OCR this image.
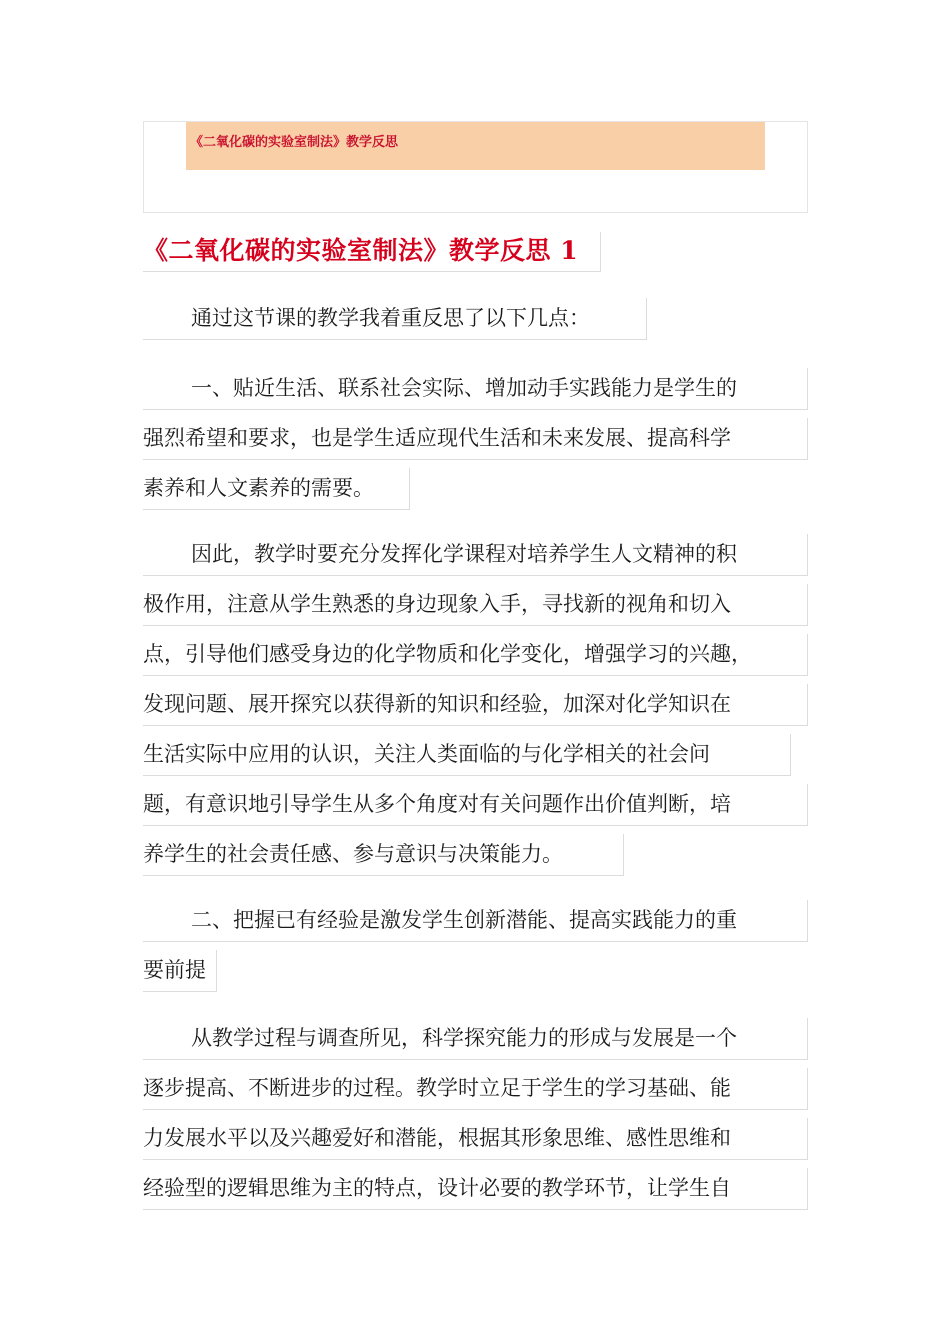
《二氧化碳的实验室制法》教学反思
《二氧化碳的实验室制法》教学反思 1
通过这节课的教学我着重反思了以下几点：
一、贴近生活、联系社会实际、增加动手实践能力是学生的
强烈希望和要求，也是学生适应现代生活和未来发展、提高科学
素养和人文素养的需要。
因此，教学时要充分发挥化学课程对培养学生人文精神的积
极作用，注意从学生熟悉的身边现象入手，寻找新的视角和切入
点，引导他们感受身边的化学物质和化学变化，增强学习的兴趣，
发现问题、展开探究以获得新的知识和经验，加深对化学知识在
生活实际中应用的认识，关注人类面临的与化学相关的社会问
题，有意识地引导学生从多个角度对有关问题作出价值判断，培
养学生的社会责任感、参与意识与决策能力。
二、把握已有经验是激发学生创新潜能、提高实践能力的重
要前提
从教学过程与调查所见，科学探究能力的形成与发展是一个
逐步提高、不断进步的过程。教学时立足于学生的学习基础、能
力发展水平以及兴趣爱好和潜能，根据其形象思维、感性思维和
经验型的逻辑思维为主的特点，设计必要的教学环节，让学生自
